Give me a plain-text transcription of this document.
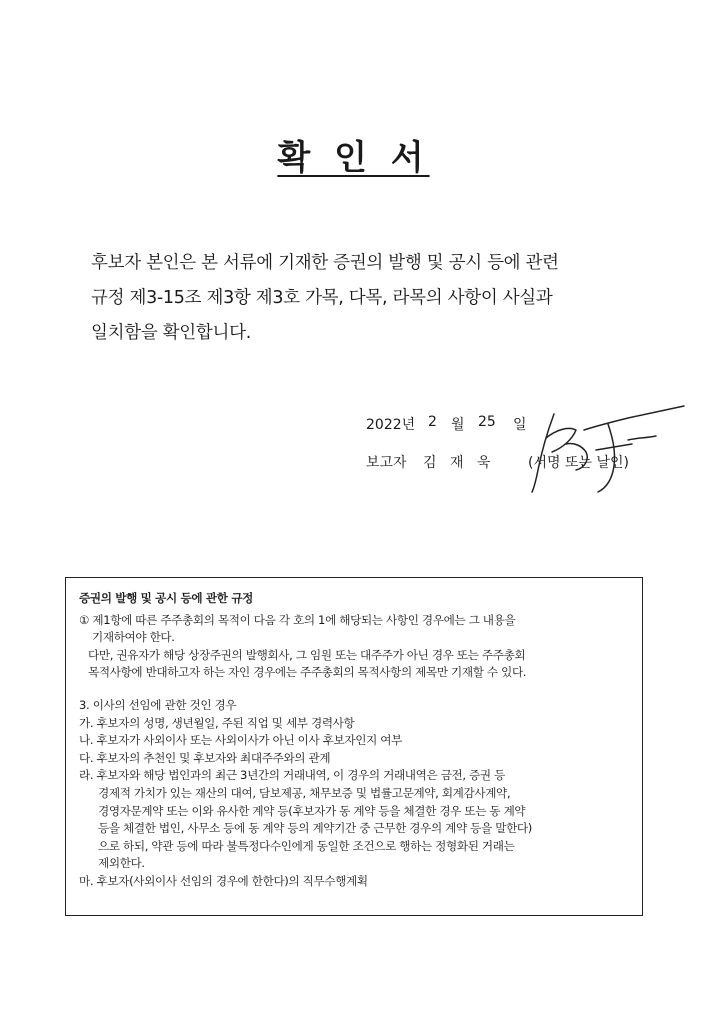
확 인 서
후보자 본인은 본 서류에 기재한 증권의 발행 및 공시 등에 관련
규정 제3-15조 제3항 제3호 가목, 다목, 라목의 사항이 사실과
일치함을 확인합니다.
2022년 2 월 25 일
보고자 김 재 욱	(서명 또는 날인)
증권의 발행 및 공시 등에 관한 규정
① 제1항에 따른 주주총회의 목적이 다음 각 호의 1에 해당되는 사항인 경우에는 그 내용을
기재하여야 한다.
다만, 권유자가 해당 상장주권의 발행회사, 그 임원 또는 대주주가 아닌 경우 또는 주주총회
목적사항에 반대하고자 하는 자인 경우에는 주주총회의 목적사항의 제목만 기재할 수 있다.
3. 이사의 선임에 관한 것인 경우
가. 후보자의 성명, 생년월일, 주된 직업 및 세부 경력사항
나. 후보자가 사외이사 또는 사외이사가 아닌 이사 후보자인지 여부
다. 후보자의 추천인 및 후보자와 최대주주와의 관계
라. 후보자와 해당 법인과의 최근 3년간의 거래내역, 이 경우의 거래내역은 금전, 증권 등
경제적 가치가 있는 재산의 대여, 담보제공, 채무보증 및 법률고문계약, 회계감사계약,
경영자문계약 또는 이와 유사한 계약 등(후보자가 동 계약 등을 체결한 경우 또는 동 계약
등을 체결한 법인, 사무소 등에 동 계약 등의 계약기간 중 근무한 경우의 계약 등을 말한다)
으로 하되, 약관 등에 따라 불특정다수인에게 동일한 조건으로 행하는 정형화된 거래는
제외한다.
마. 후보자(사외이사 선임의 경우에 한한다)의 직무수행계획
